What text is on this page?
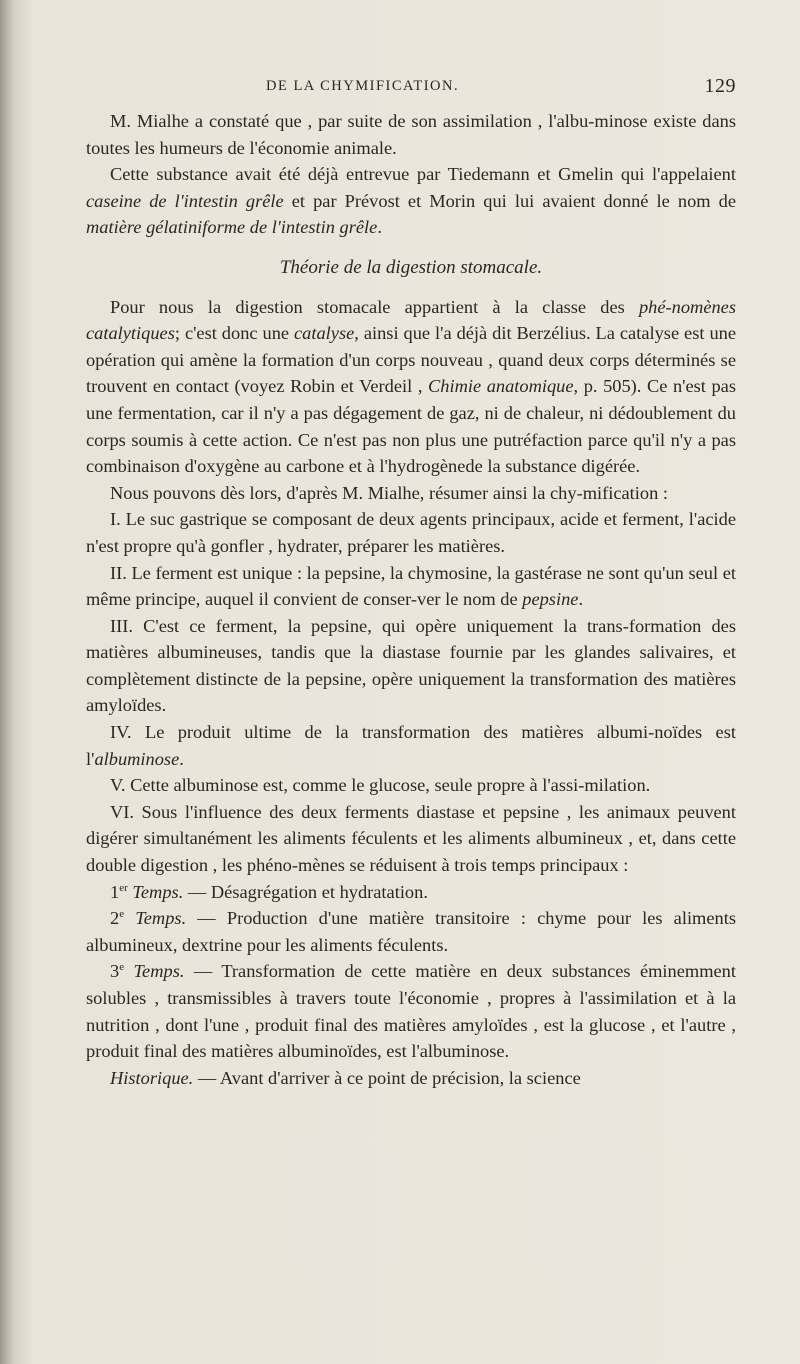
DE LA CHYMIFICATION.	129

M. Mialhe a constaté que , par suite de son assimilation , l'albu-minose existe dans toutes les humeurs de l'économie animale.

Cette substance avait été déjà entrevue par Tiedemann et Gmelin qui l'appelaient caseine de l'intestin grêle et par Prévost et Morin qui lui avaient donné le nom de matière gélatiniforme de l'intestin grêle.

Théorie de la digestion stomacale.

Pour nous la digestion stomacale appartient à la classe des phé-nomènes catalytiques; c'est donc une catalyse, ainsi que l'a déjà dit Berzélius. La catalyse est une opération qui amène la formation d'un corps nouveau , quand deux corps déterminés se trouvent en contact (voyez Robin et Verdeil , Chimie anatomique, p. 505). Ce n'est pas une fermentation, car il n'y a pas dégagement de gaz, ni de chaleur, ni dédoublement du corps soumis à cette action. Ce n'est pas non plus une putréfaction parce qu'il n'y a pas combinaison d'oxygène au carbone et à l'hydrogènede la substance digérée.

Nous pouvons dès lors, d'après M. Mialhe, résumer ainsi la chy-mification :

I. Le suc gastrique se composant de deux agents principaux, acide et ferment, l'acide n'est propre qu'à gonfler , hydrater, préparer les matières.

II. Le ferment est unique : la pepsine, la chymosine, la gastérase ne sont qu'un seul et même principe, auquel il convient de conser-ver le nom de pepsine.

III. C'est ce ferment, la pepsine, qui opère uniquement la trans-formation des matières albumineuses, tandis que la diastase fournie par les glandes salivaires, et complètement distincte de la pepsine, opère uniquement la transformation des matières amyloïdes.

IV. Le produit ultime de la transformation des matières albumi-noïdes est l'albuminose.

V. Cette albuminose est, comme le glucose, seule propre à l'assi-milation.

VI. Sous l'influence des deux ferments diastase et pepsine , les animaux peuvent digérer simultanément les aliments féculents et les aliments albumineux , et, dans cette double digestion , les phéno-mènes se réduisent à trois temps principaux :

1er Temps. — Désagrégation et hydratation.

2e Temps. — Production d'une matière transitoire : chyme pour les aliments albumineux, dextrine pour les aliments féculents.

3e Temps. — Transformation de cette matière en deux substances éminemment solubles , transmissibles à travers toute l'économie , propres à l'assimilation et à la nutrition , dont l'une , produit final des matières amyloïdes , est la glucose , et l'autre , produit final des matières albuminoïdes, est l'albuminose.

Historique. — Avant d'arriver à ce point de précision, la science
